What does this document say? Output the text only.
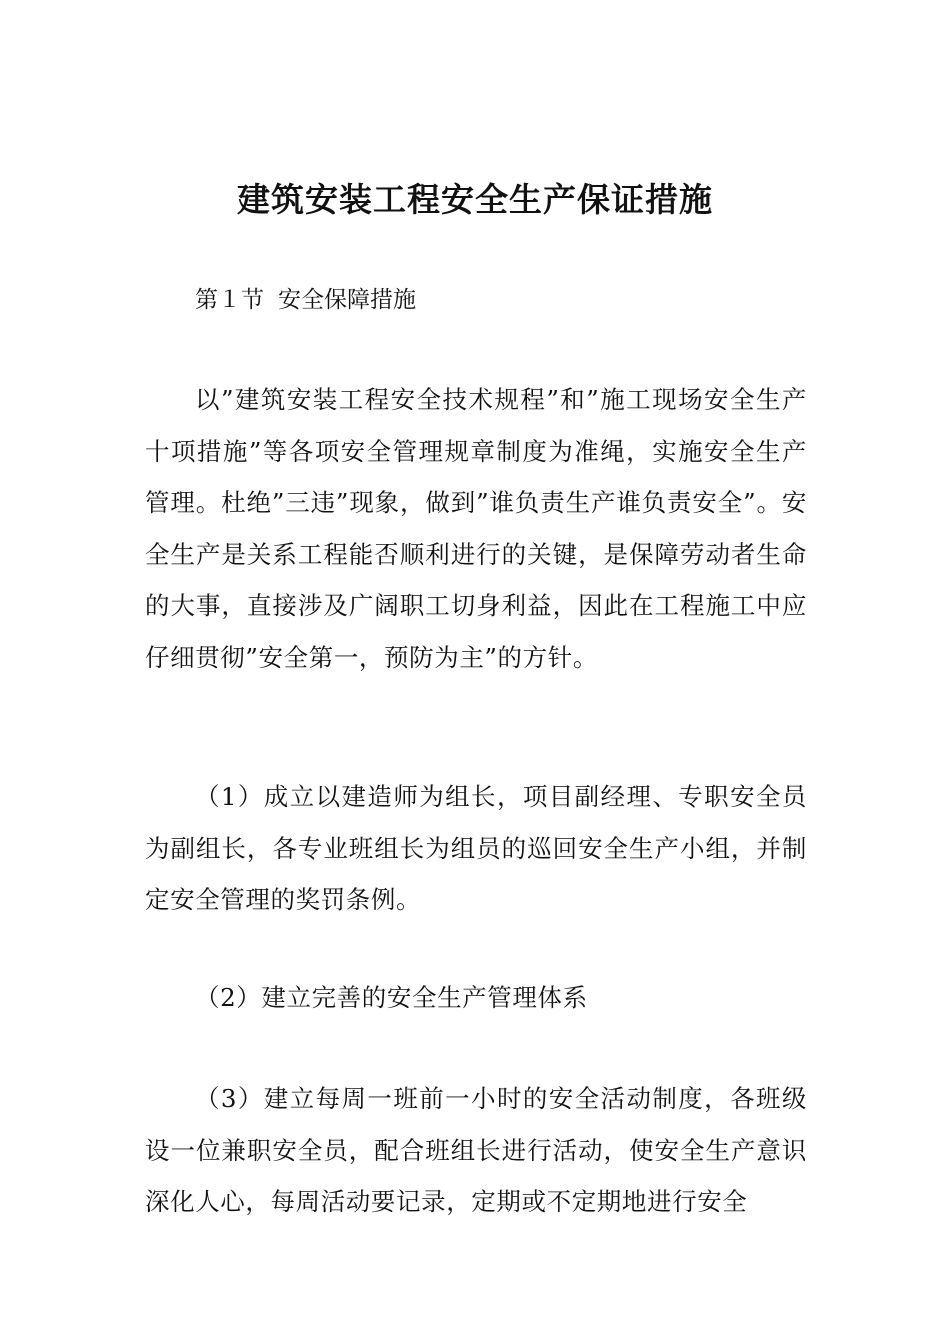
建筑安装工程安全生产保证措施

第１节 安全保障措施

以”建筑安装工程安全技术规程”和”施工现场安全生产十项措施”等各项安全管理规章制度为准绳，实施安全生产管理。杜绝”三违”现象，做到”谁负责生产谁负责安全”。安全生产是关系工程能否顺利进行的关键，是保障劳动者生命的大事，直接涉及广阔职工切身利益，因此在工程施工中应仔细贯彻”安全第一，预防为主”的方针。

（1）成立以建造师为组长，项目副经理、专职安全员为副组长，各专业班组长为组员的巡回安全生产小组，并制定安全管理的奖罚条例。

（2）建立完善的安全生产管理体系

（3）建立每周一班前一小时的安全活动制度，各班级设一位兼职安全员，配合班组长进行活动，使安全生产意识深化人心，每周活动要记录，定期或不定期地进行安全
